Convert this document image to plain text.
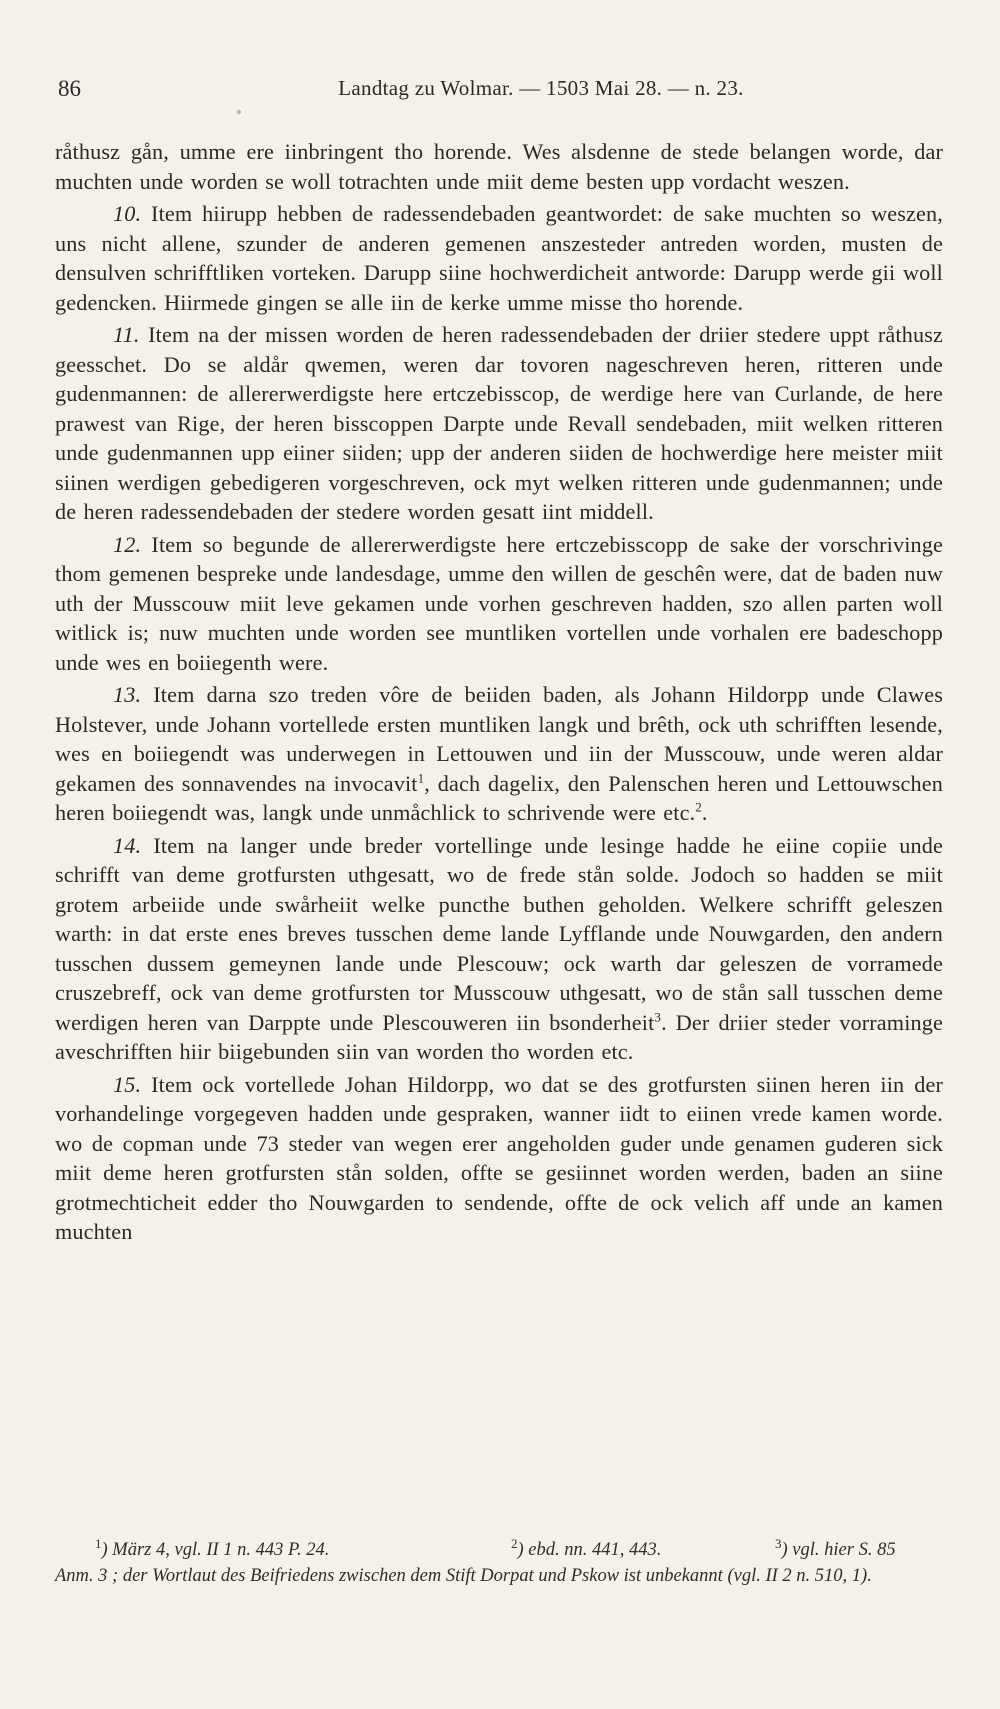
86	Landtag zu Wolmar. — 1503 Mai 28. — n. 23.

råthusz gån, umme ere iinbringent tho horende. Wes alsdenne de stede belangen worde, dar muchten unde worden se woll totrachten unde miit deme besten upp vordacht weszen.

10. Item hiirupp hebben de radessendebaden geantwordet: de sake muchten so weszen, uns nicht allene, szunder de anderen gemenen anszesteder antreden worden, musten de densulven schrifftliken vorteken. Darupp siine hochwerdicheit antworde: Darupp werde gii woll gedencken. Hiirmede gingen se alle iin de kerke umme misse tho horende.

11. Item na der missen worden de heren radessendebaden der driier stedere uppt råthusz geesschet. Do se aldår qwemen, weren dar tovoren nageschreven heren, ritteren unde gudenmannen: de allererwerdigste here ertczebisscop, de werdige here van Curlande, de here prawest van Rige, der heren bisscoppen Darpte unde Revall sendebaden, miit welken ritteren unde gudenmannen upp eiiner siiden; upp der anderen siiden de hochwerdige here meister miit siinen werdigen gebedigeren vorgeschreven, ock myt welken ritteren unde gudenmannen; unde de heren radessendebaden der stedere worden gesatt iint middell.

12. Item so begunde de allererwerdigste here ertczebisscopp de sake der vorschrivinge thom gemenen bespreke unde landesdage, umme den willen de geschên were, dat de baden nuw uth der Musscouw miit leve gekamen unde vorhen geschreven hadden, szo allen parten woll witlick is; nuw muchten unde worden see muntliken vortellen unde vorhalen ere badeschopp unde wes en boiiegenth were.

13. Item darna szo treden vôre de beiiden baden, als Johann Hildorpp unde Clawes Holstever, unde Johann vortellede ersten muntliken langk und brêth, ock uth schrifften lesende, wes en boiiegendt was underwegen in Lettouwen und iin der Musscouw, unde weren aldar gekamen des sonnavendes na invocavit$^1$, dach dagelix, den Palenschen heren und Lettouwschen heren boiiegendt was, langk unde unmåchlick to schrivende were etc.$^2$.

14. Item na langer unde breder vortellinge unde lesinge hadde he eiine copiie unde schrifft van deme grotfursten uthgesatt, wo de frede stån solde. Jodoch so hadden se miit grotem arbeiide unde swårheiit welke puncthe buthen geholden. Welkere schrifft geleszen warth: in dat erste enes breves tusschen deme lande Lyfflande unde Nouwgarden, den andern tusschen dussem gemeynen lande unde Plescouw; ock warth dar geleszen de vorramede cruszebreff, ock van deme grotfursten tor Musscouw uthgesatt, wo de stån sall tusschen deme werdigen heren van Darppte unde Plescouweren iin bsonderheit$^3$. Der driier steder vorraminge aveschrifften hiir biigebunden siin van worden tho worden etc.

15. Item ock vortellede Johan Hildorpp, wo dat se des grotfursten siinen heren iin der vorhandelinge vorgegeven hadden unde gespraken, wanner iidt to eiinen vrede kamen worde. wo de copman unde 73 steder van wegen erer angeholden guder unde genamen guderen sick miit deme heren grotfursten stån solden, offte se gesiinnet worden werden, baden an siine grotmechticheit edder tho Nouwgarden to sendende, offte de ock velich aff unde an kamen muchten

$^1$) März 4, vgl. II 1 n. 443 P. 24.	$^2$) ebd. nn. 441, 443.	$^3$) vgl. hier S. 85

Anm. 3 ; der Wortlaut des Beifriedens zwischen dem Stift Dorpat und Pskow ist unbekannt (vgl. II 2 n. 510, 1).
